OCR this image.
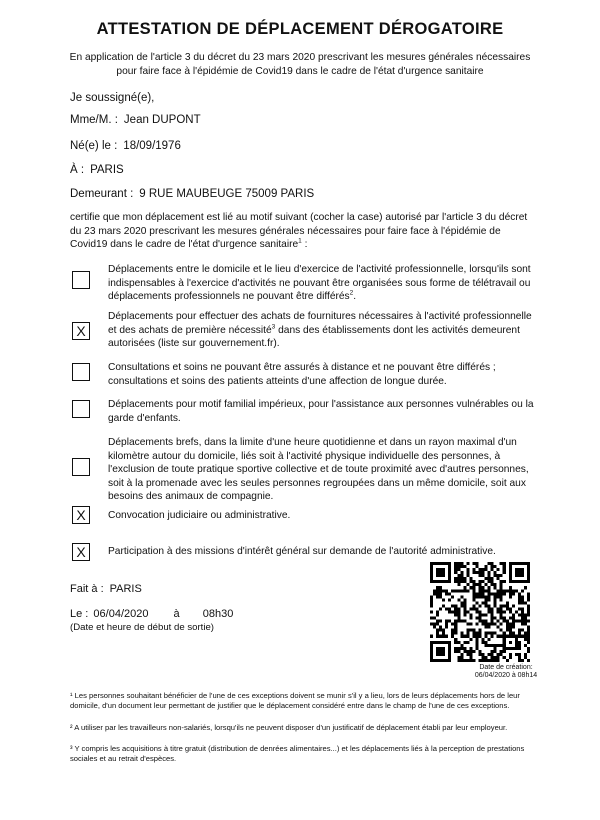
ATTESTATION DE DÉPLACEMENT DÉROGATOIRE
En application de l'article 3 du décret du 23 mars 2020 prescrivant les mesures générales nécessaires pour faire face à l'épidémie de Covid19 dans le cadre de l'état d'urgence sanitaire
Je soussigné(e),
Mme/M. : Jean DUPONT
Né(e) le : 18/09/1976
À : PARIS
Demeurant : 9 RUE MAUBEUGE 75009 PARIS
certifie que mon déplacement est lié au motif suivant (cocher la case) autorisé par l'article 3 du décret du 23 mars 2020 prescrivant les mesures générales nécessaires pour faire face à l'épidémie de Covid19 dans le cadre de l'état d'urgence sanitaire$^1$ :
Déplacements entre le domicile et le lieu d'exercice de l'activité professionnelle, lorsqu'ils sont indispensables à l'exercice d'activités ne pouvant être organisées sous forme de télétravail ou déplacements professionnels ne pouvant être différés$^2$.
X
Déplacements pour effectuer des achats de fournitures nécessaires à l'activité professionnelle et des achats de première nécessité$^3$ dans des établissements dont les activités demeurent autorisées (liste sur gouvernement.fr).
Consultations et soins ne pouvant être assurés à distance et ne pouvant être différés ; consultations et soins des patients atteints d'une affection de longue durée.
Déplacements pour motif familial impérieux, pour l'assistance aux personnes vulnérables ou la garde d'enfants.
Déplacements brefs, dans la limite d'une heure quotidienne et dans un rayon maximal d'un kilomètre autour du domicile, liés soit à l'activité physique individuelle des personnes, à l'exclusion de toute pratique sportive collective et de toute proximité avec d'autres personnes, soit à la promenade avec les seules personnes regroupées dans un même domicile, soit aux besoins des animaux de compagnie.
X	Convocation judiciaire ou administrative.
X	Participation à des missions d'intérêt général sur demande de l'autorité administrative.
Fait à : PARIS
Le : 06/04/2020 à 08h30
(Date et heure de début de sortie)
Date de création:
06/04/2020 à 08h14
¹ Les personnes souhaitant bénéficier de l'une de ces exceptions doivent se munir s'il y a lieu, lors de leurs déplacements hors de leur domicile, d'un document leur permettant de justifier que le déplacement considéré entre dans le champ de l'une de ces exceptions.
² A utiliser par les travailleurs non-salariés, lorsqu'ils ne peuvent disposer d'un justificatif de déplacement établi par leur employeur.
³ Y compris les acquisitions à titre gratuit (distribution de denrées alimentaires...) et les déplacements liés à la perception de prestations sociales et au retrait d'espèces.
